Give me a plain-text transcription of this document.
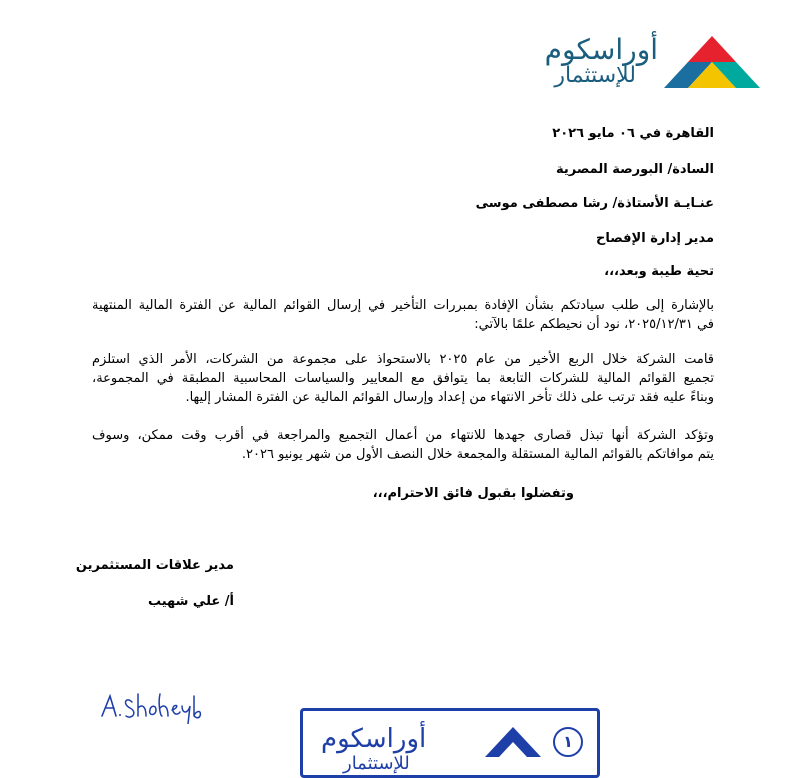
أوراسكوم
للإستثمار
القاهرة في ٠٦ مايو ٢٠٢٦
السادة/ البورصة المصرية
عنـايـة الأستاذة/ رشا مصطفى موسى
مدير إدارة الإفصاح
تحية طيبة وبعد،،،
بالإشارة إلى طلب سيادتكم بشأن الإفادة بمبررات التأخير في إرسال القوائم المالية عن الفترة المالية المنتهية
في ٢٠٢٥/١٢/٣١، نود أن نحيطكم علمًا بالآتي:
قامت الشركة خلال الربع الأخير من عام ٢٠٢٥ بالاستحواذ على مجموعة من الشركات، الأمر الذي استلزم
تجميع القوائم المالية للشركات التابعة بما يتوافق مع المعايير والسياسات المحاسبية المطبقة في المجموعة،
وبناءً عليه فقد ترتب على ذلك تأخر الانتهاء من إعداد وإرسال القوائم المالية عن الفترة المشار إليها.
وتؤكد الشركة أنها تبذل قصارى جهدها للانتهاء من أعمال التجميع والمراجعة في أقرب وقت ممكن، وسوف
يتم موافاتكم بالقوائم المالية المستقلة والمجمعة خلال النصف الأول من شهر يونيو ٢٠٢٦.
وتفضلوا بقبول فائق الاحترام،،،
مدير علاقات المستثمرين
أ/ علي شهيب
أوراسكوم
للإستثمار
١
